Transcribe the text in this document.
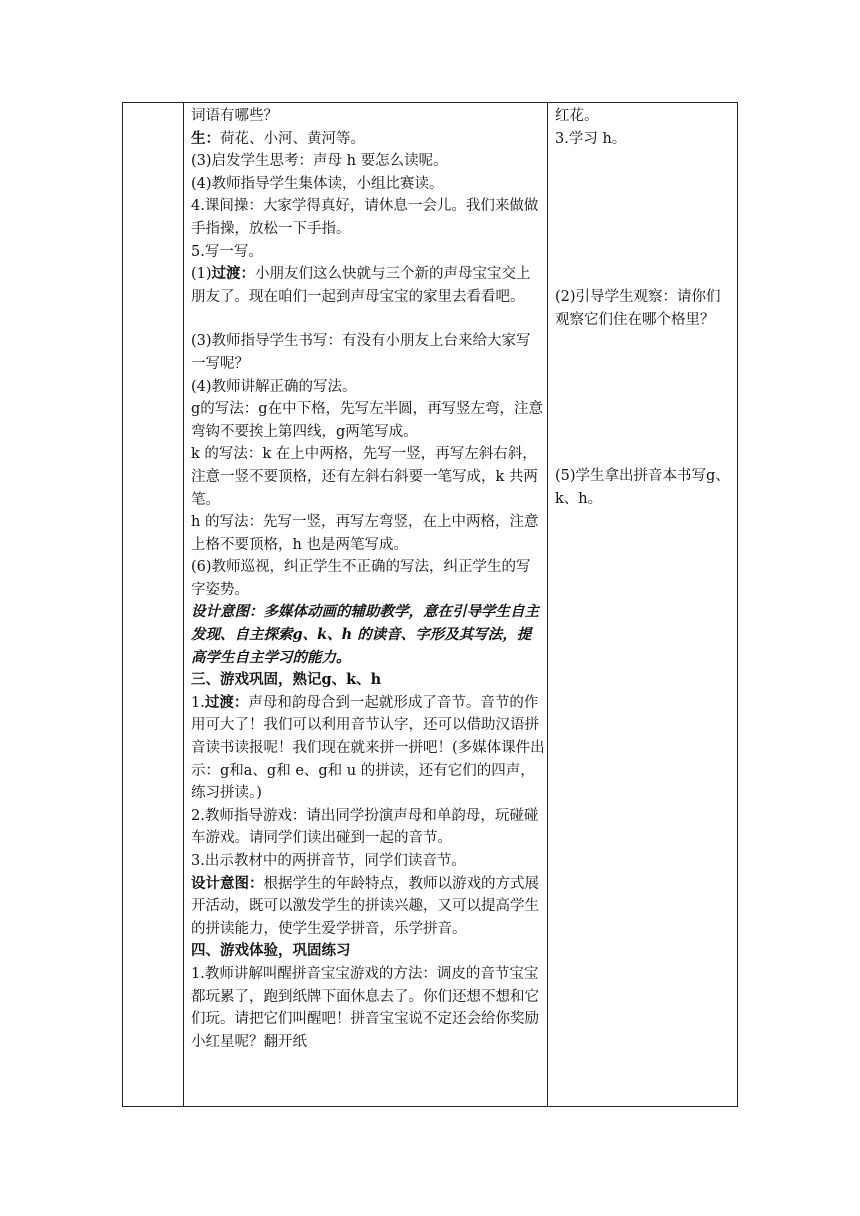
词语有哪些？

生：荷花、小河、黄河等。

(3)启发学生思考：声母 h 要怎么读呢。

(4)教师指导学生集体读，小组比赛读。

4.课间操：大家学得真好，请休息一会儿。我们来做做手指操，放松一下手指。

5.写一写。

(1)过渡：小朋友们这么快就与三个新的声母宝宝交上朋友了。现在咱们一起到声母宝宝的家里去看看吧。

(3)教师指导学生书写：有没有小朋友上台来给大家写一写呢？

(4)教师讲解正确的写法。

g的写法：g在中下格，先写左半圆，再写竖左弯，注意弯钩不要挨上第四线，g两笔写成。

k 的写法：k 在上中两格，先写一竖，再写左斜右斜，注意一竖不要顶格，还有左斜右斜要一笔写成，k 共两笔。

h 的写法：先写一竖，再写左弯竖，在上中两格，注意上格不要顶格，h 也是两笔写成。

(6)教师巡视，纠正学生不正确的写法，纠正学生的写字姿势。

设计意图：多媒体动画的辅助教学，意在引导学生自主发现、自主探索g、k、h 的读音、字形及其写法，提高学生自主学习的能力。

三、游戏巩固，熟记g、k、h

1.过渡：声母和韵母合到一起就形成了音节。音节的作用可大了！我们可以利用音节认字，还可以借助汉语拼音读书读报呢！我们现在就来拼一拼吧！(多媒体课件出示：g和a、g和 e、g和 u 的拼读，还有它们的四声，练习拼读。)

2.教师指导游戏：请出同学扮演声母和单韵母，玩碰碰车游戏。请同学们读出碰到一起的音节。

3.出示教材中的两拼音节，同学们读音节。

设计意图：根据学生的年龄特点，教师以游戏的方式展开活动，既可以激发学生的拼读兴趣，又可以提高学生的拼读能力，使学生爱学拼音，乐学拼音。

四、游戏体验，巩固练习

1.教师讲解叫醒拼音宝宝游戏的方法：调皮的音节宝宝都玩累了，跑到纸牌下面休息去了。你们还想不想和它们玩。请把它们叫醒吧！拼音宝宝说不定还会给你奖励小红星呢？翻开纸

红花。

3.学习 h。

(2)引导学生观察：请你们观察它们住在哪个格里？

(5)学生拿出拼音本书写g、k、h。
